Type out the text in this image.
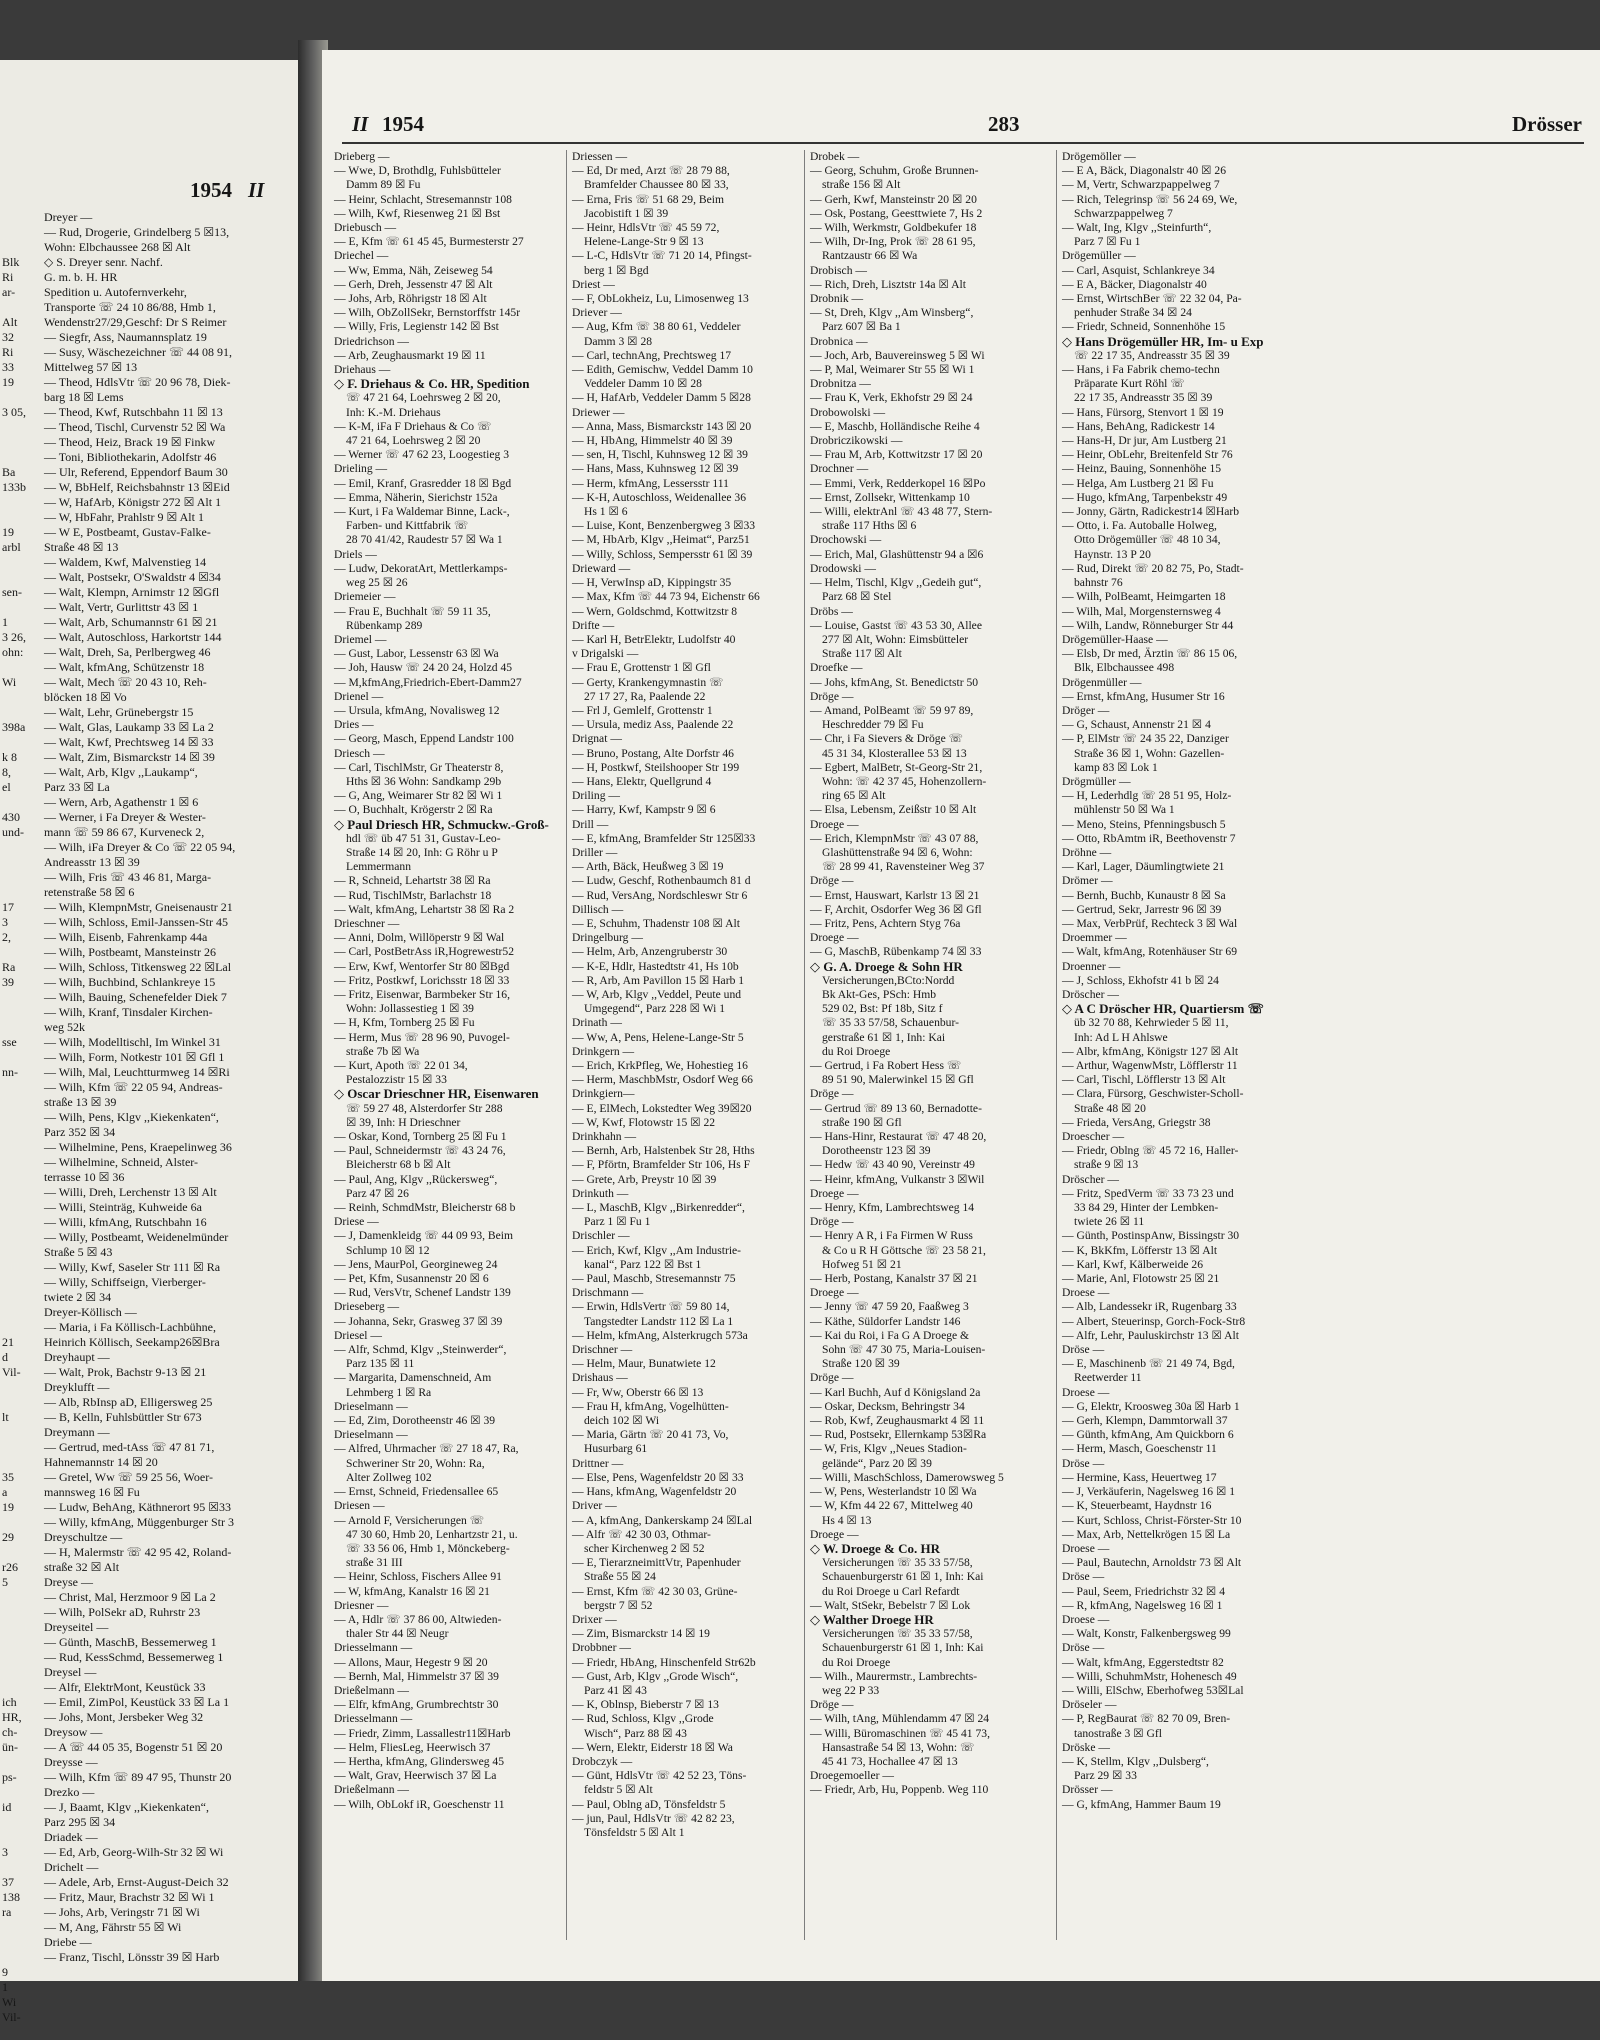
1954 II
Blk
Ri
ar-
Alt
32
Ri
33
19
3 05,
Ba
133b
19
arbl
sen-
1
3 26,
ohn:
Wi
398a
k 8
8,
el
430
und-
17
3
2,
Ra
39
sse
nn-
21
d
Vil-
lt
35
a
19
29
r26
5
ich
HR,
ch-
ün-
ps-
id
3
37
138
ra
9
1
Wi
Vil-
Dreyer —
— Rud, Drogerie, Grindelberg 5 ☒13,
Wohn: Elbchaussee 268 ☒ Alt
◇ S. Dreyer senr. Nachf.
G. m. b. H. HR
Spedition u. Autofernverkehr,
Transporte ☏ 24 10 86/88, Hmb 1,
Wendenstr27/29,Geschf: Dr S Reimer
— Siegfr, Ass, Naumannsplatz 19
— Susy, Wäschezeichner ☏ 44 08 91,
Mittelweg 57 ☒ 13
— Theod, HdlsVtr ☏ 20 96 78, Diek-
barg 18 ☒ Lems
— Theod, Kwf, Rutschbahn 11 ☒ 13
— Theod, Tischl, Curvenstr 52 ☒ Wa
— Theod, Heiz, Brack 19 ☒ Finkw
— Toni, Bibliothekarin, Adolfstr 46
— Ulr, Referend, Eppendorf Baum 30
— W, BbHelf, Reichsbahnstr 13 ☒Eid
— W, HafArb, Königstr 272 ☒ Alt 1
— W, HbFahr, Prahlstr 9 ☒ Alt 1
— W E, Postbeamt, Gustav-Falke-
Straße 48 ☒ 13
— Waldem, Kwf, Malvenstieg 14
— Walt, Postsekr, O'Swaldstr 4 ☒34
— Walt, Klempn, Arnimstr 12 ☒Gfl
— Walt, Vertr, Gurlittstr 43 ☒ 1
— Walt, Arb, Schumannstr 61 ☒ 21
— Walt, Autoschloss, Harkortstr 144
— Walt, Dreh, Sa, Perlbergweg 46
— Walt, kfmAng, Schützenstr 18
— Walt, Mech ☏ 20 43 10, Reh-
blöcken 18 ☒ Vo
— Walt, Lehr, Grünebergstr 15
— Walt, Glas, Laukamp 33 ☒ La 2
— Walt, Kwf, Prechtsweg 14 ☒ 33
— Walt, Zim, Bismarckstr 14 ☒ 39
— Walt, Arb, Klgv ,,Laukamp“,
Parz 33 ☒ La
— Wern, Arb, Agathenstr 1 ☒ 6
— Werner, i Fa Dreyer & Wester-
mann ☏ 59 86 67, Kurveneck 2,
— Wilh, iFa Dreyer & Co ☏ 22 05 94,
Andreasstr 13 ☒ 39
— Wilh, Fris ☏ 43 46 81, Marga-
retenstraße 58 ☒ 6
— Wilh, KlempnMstr, Gneisenaustr 21
— Wilh, Schloss, Emil-Janssen-Str 45
— Wilh, Eisenb, Fahrenkamp 44a
— Wilh, Postbeamt, Mansteinstr 26
— Wilh, Schloss, Titkensweg 22 ☒Lal
— Wilh, Buchbind, Schlankreye 15
— Wilh, Bauing, Schenefelder Diek 7
— Wilh, Kranf, Tinsdaler Kirchen-
weg 52k
— Wilh, Modelltischl, Im Winkel 31
— Wilh, Form, Notkestr 101 ☒ Gfl 1
— Wilh, Mal, Leuchtturmweg 14 ☒Ri
— Wilh, Kfm ☏ 22 05 94, Andreas-
straße 13 ☒ 39
— Wilh, Pens, Klgv ,,Kiekenkaten“,
Parz 352 ☒ 34
— Wilhelmine, Pens, Kraepelinweg 36
— Wilhelmine, Schneid, Alster-
terrasse 10 ☒ 36
— Willi, Dreh, Lerchenstr 13 ☒ Alt
— Willi, Steinträg, Kuhweide 6a
— Willi, kfmAng, Rutschbahn 16
— Willy, Postbeamt, Weidenelmünder
Straße 5 ☒ 43
— Willy, Kwf, Saseler Str 111 ☒ Ra
— Willy, Schiffseign, Vierberger-
twiete 2 ☒ 34
Dreyer-Köllisch —
— Maria, i Fa Köllisch-Lachbühne,
Heinrich Köllisch, Seekamp26☒Bra
Dreyhaupt —
— Walt, Prok, Bachstr 9-13 ☒ 21
Dreyklufft —
— Alb, RbInsp aD, Elligersweg 25
— B, Kelln, Fuhlsbüttler Str 673
Dreymann —
— Gertrud, med-tAss ☏ 47 81 71,
Hahnemannstr 14 ☒ 20
— Gretel, Ww ☏ 59 25 56, Woer-
mannsweg 16 ☒ Fu
— Ludw, BehAng, Käthnerort 95 ☒33
— Willy, kfmAng, Müggenburger Str 3
Dreyschultze —
— H, Malermstr ☏ 42 95 42, Roland-
straße 32 ☒ Alt
Dreyse —
— Christ, Mal, Herzmoor 9 ☒ La 2
— Wilh, PolSekr aD, Ruhrstr 23
Dreyseitel —
— Günth, MaschB, Bessemerweg 1
— Rud, KessSchmd, Bessemerweg 1
Dreysel —
— Alfr, ElektrMont, Keustück 33
— Emil, ZimPol, Keustück 33 ☒ La 1
— Johs, Mont, Jersbeker Weg 32
Dreysow —
— A ☏ 44 05 35, Bogenstr 51 ☒ 20
Dreysse —
— Wilh, Kfm ☏ 89 47 95, Thunstr 20
Drezko —
— J, Baamt, Klgv ,,Kiekenkaten“,
Parz 295 ☒ 34
Driadek —
— Ed, Arb, Georg-Wilh-Str 32 ☒ Wi
Drichelt —
— Adele, Arb, Ernst-August-Deich 32
— Fritz, Maur, Brachstr 32 ☒ Wi 1
— Johs, Arb, Veringstr 71 ☒ Wi
— M, Ang, Fährstr 55 ☒ Wi
Driebe —
— Franz, Tischl, Lönsstr 39 ☒ Harb
II 1954	283	Drösser
Drieberg —
— Wwe, D, Brothdlg, Fuhlsbütteler
Damm 89 ☒ Fu
— Heinr, Schlacht, Stresemannstr 108
— Wilh, Kwf, Riesenweg 21 ☒ Bst
Driebusch —
— E, Kfm ☏ 61 45 45, Burmesterstr 27
Driechel —
— Ww, Emma, Näh, Zeiseweg 54
— Gerh, Dreh, Jessenstr 47 ☒ Alt
— Johs, Arb, Röhrigstr 18 ☒ Alt
— Wilh, ObZollSekr, Bernstorffstr 145r
— Willy, Fris, Legienstr 142 ☒ Bst
Driedrichson —
— Arb, Zeughausmarkt 19 ☒ 11
Driehaus —
◇ F. Driehaus & Co. HR, Spedition
☏ 47 21 64, Loehrsweg 2 ☒ 20,
Inh: K.-M. Driehaus
— K-M, iFa F Driehaus & Co ☏
47 21 64, Loehrsweg 2 ☒ 20
— Werner ☏ 47 62 23, Loogestieg 3
Drieling —
— Emil, Kranf, Grasredder 18 ☒ Bgd
— Emma, Näherin, Sierichstr 152a
— Kurt, i Fa Waldemar Binne, Lack-,
Farben- und Kittfabrik ☏
28 70 41/42, Raudestr 57 ☒ Wa 1
Driels —
— Ludw, DekoratArt, Mettlerkamps-
weg 25 ☒ 26
Driemeier —
— Frau E, Buchhalt ☏ 59 11 35,
Rübenkamp 289
Driemel —
— Gust, Labor, Lessenstr 63 ☒ Wa
— Joh, Hausw ☏ 24 20 24, Holzd 45
— M,kfmAng,Friedrich-Ebert-Damm27
Drienel —
— Ursula, kfmAng, Novalisweg 12
Dries —
— Georg, Masch, Eppend Landstr 100
Driesch —
— Carl, TischlMstr, Gr Theaterstr 8,
Hths ☒ 36 Wohn: Sandkamp 29b
— G, Ang, Weimarer Str 82 ☒ Wi 1
— O, Buchhalt, Krögerstr 2 ☒ Ra
◇ Paul Driesch HR, Schmuckw.-Groß-
hdl ☏ üb 47 51 31, Gustav-Leo-
Straße 14 ☒ 20, Inh: G Röhr u P
Lemmermann
— R, Schneid, Lehartstr 38 ☒ Ra
— Rud, TischlMstr, Barlachstr 18
— Walt, kfmAng, Lehartstr 38 ☒ Ra 2
Drieschner —
— Anni, Dolm, Willöperstr 9 ☒ Wal
— Carl, PostBetrAss iR,Hogrewestr52
— Erw, Kwf, Wentorfer Str 80 ☒Bgd
— Fritz, Postkwf, Lorichsstr 18 ☒ 33
— Fritz, Eisenwar, Barmbeker Str 16,
Wohn: Jollassestieg 1 ☒ 39
— H, Kfm, Tornberg 25 ☒ Fu
— Herm, Mus ☏ 28 96 90, Puvogel-
straße 7b ☒ Wa
— Kurt, Apoth ☏ 22 01 34,
Pestalozzistr 15 ☒ 33
◇ Oscar Drieschner HR, Eisenwaren
☏ 59 27 48, Alsterdorfer Str 288
☒ 39, Inh: H Drieschner
— Oskar, Kond, Tornberg 25 ☒ Fu 1
— Paul, Schneidermstr ☏ 43 24 76,
Bleicherstr 68 b ☒ Alt
— Paul, Ang, Klgv ,,Rückersweg“,
Parz 47 ☒ 26
— Reinh, SchmdMstr, Bleicherstr 68 b
Driese —
— J, Damenkleidg ☏ 44 09 93, Beim
Schlump 10 ☒ 12
— Jens, MaurPol, Georgineweg 24
— Pet, Kfm, Susannenstr 20 ☒ 6
— Rud, VersVtr, Schenef Landstr 139
Drieseberg —
— Johanna, Sekr, Grasweg 37 ☒ 39
Driesel —
— Alfr, Schmd, Klgv ,,Steinwerder“,
Parz 135 ☒ 11
— Margarita, Damenschneid, Am
Lehmberg 1 ☒ Ra
Drieselmann —
— Ed, Zim, Dorotheenstr 46 ☒ 39
Drieselmann —
— Alfred, Uhrmacher ☏ 27 18 47, Ra,
Schweriner Str 20, Wohn: Ra,
Alter Zollweg 102
— Ernst, Schneid, Friedensallee 65
Driesen —
— Arnold F, Versicherungen ☏
47 30 60, Hmb 20, Lenhartzstr 21, u.
☏ 33 56 06, Hmb 1, Mönckeberg-
straße 31 III
— Heinr, Schloss, Fischers Allee 91
— W, kfmAng, Kanalstr 16 ☒ 21
Driesner —
— A, Hdlr ☏ 37 86 00, Altwieden-
thaler Str 44 ☒ Neugr
Driesselmann —
— Allons, Maur, Hegestr 9 ☒ 20
— Bernh, Mal, Himmelstr 37 ☒ 39
Drießelmann —
— Elfr, kfmAng, Grumbrechtstr 30
Driesselmann —
— Friedr, Zimm, Lassallestr11☒Harb
— Helm, FliesLeg, Heerwisch 37
— Hertha, kfmAng, Glindersweg 45
— Walt, Grav, Heerwisch 37 ☒ La
Drießelmann —
— Wilh, ObLokf iR, Goeschenstr 11
Driessen —
— Ed, Dr med, Arzt ☏ 28 79 88,
Bramfelder Chaussee 80 ☒ 33,
— Erna, Fris ☏ 51 68 29, Beim
Jacobistift 1 ☒ 39
— Heinr, HdlsVtr ☏ 45 59 72,
Helene-Lange-Str 9 ☒ 13
— L-C, HdlsVtr ☏ 71 20 14, Pfingst-
berg 1 ☒ Bgd
Driest —
— F, ObLokheiz, Lu, Limosenweg 13
Driever —
— Aug, Kfm ☏ 38 80 61, Veddeler
Damm 3 ☒ 28
— Carl, technAng, Prechtsweg 17
— Edith, Gemischw, Veddel Damm 10
Veddeler Damm 10 ☒ 28
— H, HafArb, Veddeler Damm 5 ☒28
Driewer —
— Anna, Mass, Bismarckstr 143 ☒ 20
— H, HbAng, Himmelstr 40 ☒ 39
— sen, H, Tischl, Kuhnsweg 12 ☒ 39
— Hans, Mass, Kuhnsweg 12 ☒ 39
— Herm, kfmAng, Lessersstr 111
— K-H, Autoschloss, Weidenallee 36
Hs 1 ☒ 6
— Luise, Kont, Benzenbergweg 3 ☒33
— M, HbArb, Klgv ,,Heimat“, Parz51
— Willy, Schloss, Sempersstr 61 ☒ 39
Drieward —
— H, VerwInsp aD, Kippingstr 35
— Max, Kfm ☏ 44 73 94, Eichenstr 66
— Wern, Goldschmd, Kottwitzstr 8
Drifte —
— Karl H, BetrElektr, Ludolfstr 40
v Drigalski —
— Frau E, Grottenstr 1 ☒ Gfl
— Gerty, Krankengymnastin ☏
27 17 27, Ra, Paalende 22
— Frl J, Gemlelf, Grottenstr 1
— Ursula, mediz Ass, Paalende 22
Drignat —
— Bruno, Postang, Alte Dorfstr 46
— H, Postkwf, Steilshooper Str 199
— Hans, Elektr, Quellgrund 4
Driling —
— Harry, Kwf, Kampstr 9 ☒ 6
Drill —
— E, kfmAng, Bramfelder Str 125☒33
Driller —
— Arth, Bäck, Heußweg 3 ☒ 19
— Ludw, Geschf, Rothenbaumch 81 d
— Rud, VersAng, Nordschleswr Str 6
Dillisch —
— E, Schuhm, Thadenstr 108 ☒ Alt
Dringelburg —
— Helm, Arb, Anzengruberstr 30
— K-E, Hdlr, Hastedtstr 41, Hs 10b
— R, Arb, Am Pavillon 15 ☒ Harb 1
— W, Arb, Klgv ,,Veddel, Peute und
Umgegend“, Parz 228 ☒ Wi 1
Drinath —
— Ww, A, Pens, Helene-Lange-Str 5
Drinkgern —
— Erich, KrkPfleg, We, Hohestieg 16
— Herm, MaschbMstr, Osdorf Weg 66
Drinkgiern—
— E, ElMech, Lokstedter Weg 39☒20
— W, Kwf, Flotowstr 15 ☒ 22
Drinkhahn —
— Bernh, Arb, Halstenbek Str 28, Hths
— F, Pförtn, Bramfelder Str 106, Hs F
— Grete, Arb, Preystr 10 ☒ 39
Drinkuth —
— L, MaschB, Klgv ,,Birkenredder“,
Parz 1 ☒ Fu 1
Drischler —
— Erich, Kwf, Klgv ,,Am Industrie-
kanal“, Parz 122 ☒ Bst 1
— Paul, Maschb, Stresemannstr 75
Drischmann —
— Erwin, HdlsVertr ☏ 59 80 14,
Tangstedter Landstr 112 ☒ La 1
— Helm, kfmAng, Alsterkrugch 573a
Drischner —
— Helm, Maur, Bunatwiete 12
Drishaus —
— Fr, Ww, Oberstr 66 ☒ 13
— Frau H, kfmAng, Vogelhütten-
deich 102 ☒ Wi
— Maria, Gärtn ☏ 20 41 73, Vo,
Husurbarg 61
Drittner —
— Else, Pens, Wagenfeldstr 20 ☒ 33
— Hans, kfmAng, Wagenfeldstr 20
Driver —
— A, kfmAng, Dankerskamp 24 ☒Lal
— Alfr ☏ 42 30 03, Othmar-
scher Kirchenweg 2 ☒ 52
— E, TierarzneimittVtr, Papenhuder
Straße 55 ☒ 24
— Ernst, Kfm ☏ 42 30 03, Grüne-
bergstr 7 ☒ 52
Drixer —
— Zim, Bismarckstr 14 ☒ 19
Drobbner —
— Friedr, HbAng, Hinschenfeld Str62b
— Gust, Arb, Klgv ,,Grode Wisch“,
Parz 41 ☒ 43
— K, Oblnsp, Bieberstr 7 ☒ 13
— Rud, Schloss, Klgv ,,Grode
Wisch“, Parz 88 ☒ 43
— Wern, Elektr, Eiderstr 18 ☒ Wa
Drobczyk —
— Günt, HdlsVtr ☏ 42 52 23, Töns-
feldstr 5 ☒ Alt
— Paul, Oblng aD, Tönsfeldstr 5
— jun, Paul, HdlsVtr ☏ 42 82 23,
Tönsfeldstr 5 ☒ Alt 1
Drobek —
— Georg, Schuhm, Große Brunnen-
straße 156 ☒ Alt
— Gerh, Kwf, Mansteinstr 20 ☒ 20
— Osk, Postang, Geesttwiete 7, Hs 2
— Wilh, Werkmstr, Goldbekufer 18
— Wilh, Dr-Ing, Prok ☏ 28 61 95,
Rantzaustr 66 ☒ Wa
Drobisch —
— Rich, Dreh, Lisztstr 14a ☒ Alt
Drobnik —
— St, Dreh, Klgv ,,Am Winsberg“,
Parz 607 ☒ Ba 1
Drobnica —
— Joch, Arb, Bauvereinsweg 5 ☒ Wi
— P, Mal, Weimarer Str 55 ☒ Wi 1
Drobnitza —
— Frau K, Verk, Ekhofstr 29 ☒ 24
Drobowolski —
— E, Maschb, Holländische Reihe 4
Drobriczikowski —
— Frau M, Arb, Kottwitzstr 17 ☒ 20
Drochner —
— Emmi, Verk, Redderkopel 16 ☒Po
— Ernst, Zollsekr, Wittenkamp 10
— Willi, elektrAnl ☏ 43 48 77, Stern-
straße 117 Hths ☒ 6
Drochowski —
— Erich, Mal, Glashüttenstr 94 a ☒6
Drodowski —
— Helm, Tischl, Klgv ,,Gedeih gut“,
Parz 68 ☒ Stel
Dröbs —
— Louise, Gastst ☏ 43 53 30, Allee
277 ☒ Alt, Wohn: Eimsbütteler
Straße 117 ☒ Alt
Droefke —
— Johs, kfmAng, St. Benedictstr 50
Dröge —
— Amand, PolBeamt ☏ 59 97 89,
Heschredder 79 ☒ Fu
— Chr, i Fa Sievers & Dröge ☏
45 31 34, Klosterallee 53 ☒ 13
— Egbert, MalBetr, St-Georg-Str 21,
Wohn: ☏ 42 37 45, Hohenzollern-
ring 65 ☒ Alt
— Elsa, Lebensm, Zeißstr 10 ☒ Alt
Droege —
— Erich, KlempnMstr ☏ 43 07 88,
Glashüttenstraße 94 ☒ 6, Wohn:
☏ 28 99 41, Ravensteiner Weg 37
Dröge —
— Ernst, Hauswart, Karlstr 13 ☒ 21
— F, Archit, Osdorfer Weg 36 ☒ Gfl
— Fritz, Pens, Achtern Styg 76a
Droege —
— G, MaschB, Rübenkamp 74 ☒ 33
◇ G. A. Droege & Sohn HR
Versicherungen,BCto:Nordd
Bk Akt-Ges, PSch: Hmb
529 02, Bst: Pf 18b, Sitz f
☏ 35 33 57/58, Schauenbur-
gerstraße 61 ☒ 1, Inh: Kai
du Roi Droege
— Gertrud, i Fa Robert Hess ☏
89 51 90, Malerwinkel 15 ☒ Gfl
Dröge —
— Gertrud ☏ 89 13 60, Bernadotte-
straße 190 ☒ Gfl
— Hans-Hinr, Restaurat ☏ 47 48 20,
Dorotheenstr 123 ☒ 39
— Hedw ☏ 43 40 90, Vereinstr 49
— Heinr, kfmAng, Vulkanstr 3 ☒Wil
Droege —
— Henry, Kfm, Lambrechtsweg 14
Dröge —
— Henry A R, i Fa Firmen W Russ
& Co u R H Göttsche ☏ 23 58 21,
Hofweg 51 ☒ 21
— Herb, Postang, Kanalstr 37 ☒ 21
Droege —
— Jenny ☏ 47 59 20, Faaßweg 3
— Käthe, Süldorfer Landstr 146
— Kai du Roi, i Fa G A Droege &
Sohn ☏ 47 30 75, Maria-Louisen-
Straße 120 ☒ 39
Dröge —
— Karl Buchh, Auf d Königsland 2a
— Oskar, Decksm, Behringstr 34
— Rob, Kwf, Zeughausmarkt 4 ☒ 11
— Rud, Postsekr, Ellernkamp 53☒Ra
— W, Fris, Klgv ,,Neues Stadion-
gelände“, Parz 20 ☒ 39
— Willi, MaschSchloss, Damerowsweg 5
— W, Pens, Westerlandstr 10 ☒ Wa
— W, Kfm 44 22 67, Mittelweg 40
Hs 4 ☒ 13
Droege —
◇ W. Droege & Co. HR
Versicherungen ☏ 35 33 57/58,
Schauenburgerstr 61 ☒ 1, Inh: Kai
du Roi Droege u Carl Refardt
— Walt, StSekr, Bebelstr 7 ☒ Lok
◇ Walther Droege HR
Versicherungen ☏ 35 33 57/58,
Schauenburgerstr 61 ☒ 1, Inh: Kai
du Roi Droege
— Wilh., Maurermstr., Lambrechts-
weg 22 P 33
Dröge —
— Wilh, tAng, Mühlendamm 47 ☒ 24
— Willi, Büromaschinen ☏ 45 41 73,
Hansastraße 54 ☒ 13, Wohn: ☏
45 41 73, Hochallee 47 ☒ 13
Droegemoeller —
— Friedr, Arb, Hu, Poppenb. Weg 110
Drögemöller —
— E A, Bäck, Diagonalstr 40 ☒ 26
— M, Vertr, Schwarzpappelweg 7
— Rich, Telegrinsp ☏ 56 24 69, We,
Schwarzpappelweg 7
— Walt, Ing, Klgv ,,Steinfurth“,
Parz 7 ☒ Fu 1
Drögemüller —
— Carl, Asquist, Schlankreye 34
— E A, Bäcker, Diagonalstr 40
— Ernst, WirtschBer ☏ 22 32 04, Pa-
penhuder Straße 34 ☒ 24
— Friedr, Schneid, Sonnenhöhe 15
◇ Hans Drögemüller HR, Im- u Exp
☏ 22 17 35, Andreasstr 35 ☒ 39
— Hans, i Fa Fabrik chemo-techn
Präparate Kurt Röhl ☏
22 17 35, Andreasstr 35 ☒ 39
— Hans, Fürsorg, Stenvort 1 ☒ 19
— Hans, BehAng, Radickestr 14
— Hans-H, Dr jur, Am Lustberg 21
— Heinr, ObLehr, Breitenfeld Str 76
— Heinz, Bauing, Sonnenhöhe 15
— Helga, Am Lustberg 21 ☒ Fu
— Hugo, kfmAng, Tarpenbekstr 49
— Jonny, Gärtn, Radickestr14 ☒Harb
— Otto, i. Fa. Autoballe Holweg,
Otto Drögemüller ☏ 48 10 34,
Haynstr. 13 P 20
— Rud, Direkt ☏ 20 82 75, Po, Stadt-
bahnstr 76
— Wilh, PolBeamt, Heimgarten 18
— Wilh, Mal, Morgensternsweg 4
— Wilh, Landw, Rönneburger Str 44
Drögemüller-Haase —
— Elsb, Dr med, Ärztin ☏ 86 15 06,
Blk, Elbchaussee 498
Drögenmüller —
— Ernst, kfmAng, Husumer Str 16
Dröger —
— G, Schaust, Annenstr 21 ☒ 4
— P, ElMstr ☏ 24 35 22, Danziger
Straße 36 ☒ 1, Wohn: Gazellen-
kamp 83 ☒ Lok 1
Drögmüller —
— H, Lederhdlg ☏ 28 51 95, Holz-
mühlenstr 50 ☒ Wa 1
— Meno, Steins, Pfenningsbusch 5
— Otto, RbAmtm iR, Beethovenstr 7
Dröhne —
— Karl, Lager, Däumlingtwiete 21
Drömer —
— Bernh, Buchb, Kunaustr 8 ☒ Sa
— Gertrud, Sekr, Jarrestr 96 ☒ 39
— Max, VerbPrüf, Rechteck 3 ☒ Wal
Droemmer —
— Walt, kfmAng, Rotenhäuser Str 69
Droenner —
— J, Schloss, Ekhofstr 41 b ☒ 24
Dröscher —
◇ A C Dröscher HR, Quartiersm ☏
üb 32 70 88, Kehrwieder 5 ☒ 11,
Inh: Ad L H Ahlswe
— Albr, kfmAng, Königstr 127 ☒ Alt
— Arthur, WagenwMstr, Löfflerstr 11
— Carl, Tischl, Löfflerstr 13 ☒ Alt
— Clara, Fürsorg, Geschwister-Scholl-
Straße 48 ☒ 20
— Frieda, VersAng, Griegstr 38
Droescher —
— Friedr, Oblng ☏ 45 72 16, Haller-
straße 9 ☒ 13
Dröscher —
— Fritz, SpedVerm ☏ 33 73 23 und
33 84 29, Hinter der Lembken-
twiete 26 ☒ 11
— Günth, PostinspAnw, Bissingstr 30
— K, BkKfm, Löfferstr 13 ☒ Alt
— Karl, Kwf, Kälberweide 26
— Marie, Anl, Flotowstr 25 ☒ 21
Droese —
— Alb, Landessekr iR, Rugenbarg 33
— Albert, Steuerinsp, Gorch-Fock-Str8
— Alfr, Lehr, Pauluskirchstr 13 ☒ Alt
Dröse —
— E, Maschinenb ☏ 21 49 74, Bgd,
Reetwerder 11
Droese —
— G, Elektr, Kroosweg 30a ☒ Harb 1
— Gerh, Klempn, Dammtorwall 37
— Günth, kfmAng, Am Quickborn 6
— Herm, Masch, Goeschenstr 11
Dröse —
— Hermine, Kass, Heuertweg 17
— J, Verkäuferin, Nagelsweg 16 ☒ 1
— K, Steuerbeamt, Haydnstr 16
— Kurt, Schloss, Christ-Förster-Str 10
— Max, Arb, Nettelkrögen 15 ☒ La
Droese —
— Paul, Bautechn, Arnoldstr 73 ☒ Alt
Dröse —
— Paul, Seem, Friedrichstr 32 ☒ 4
— R, kfmAng, Nagelsweg 16 ☒ 1
Droese —
— Walt, Konstr, Falkenbergsweg 99
Dröse —
— Walt, kfmAng, Eggerstedtstr 82
— Willi, SchuhmMstr, Hohenesch 49
— Willi, ElSchw, Eberhofweg 53☒Lal
Dröseler —
— P, RegBaurat ☏ 82 70 09, Bren-
tanostraße 3 ☒ Gfl
Dröske —
— K, Stellm, Klgv ,,Dulsberg“,
Parz 29 ☒ 33
Drösser —
— G, kfmAng, Hammer Baum 19
